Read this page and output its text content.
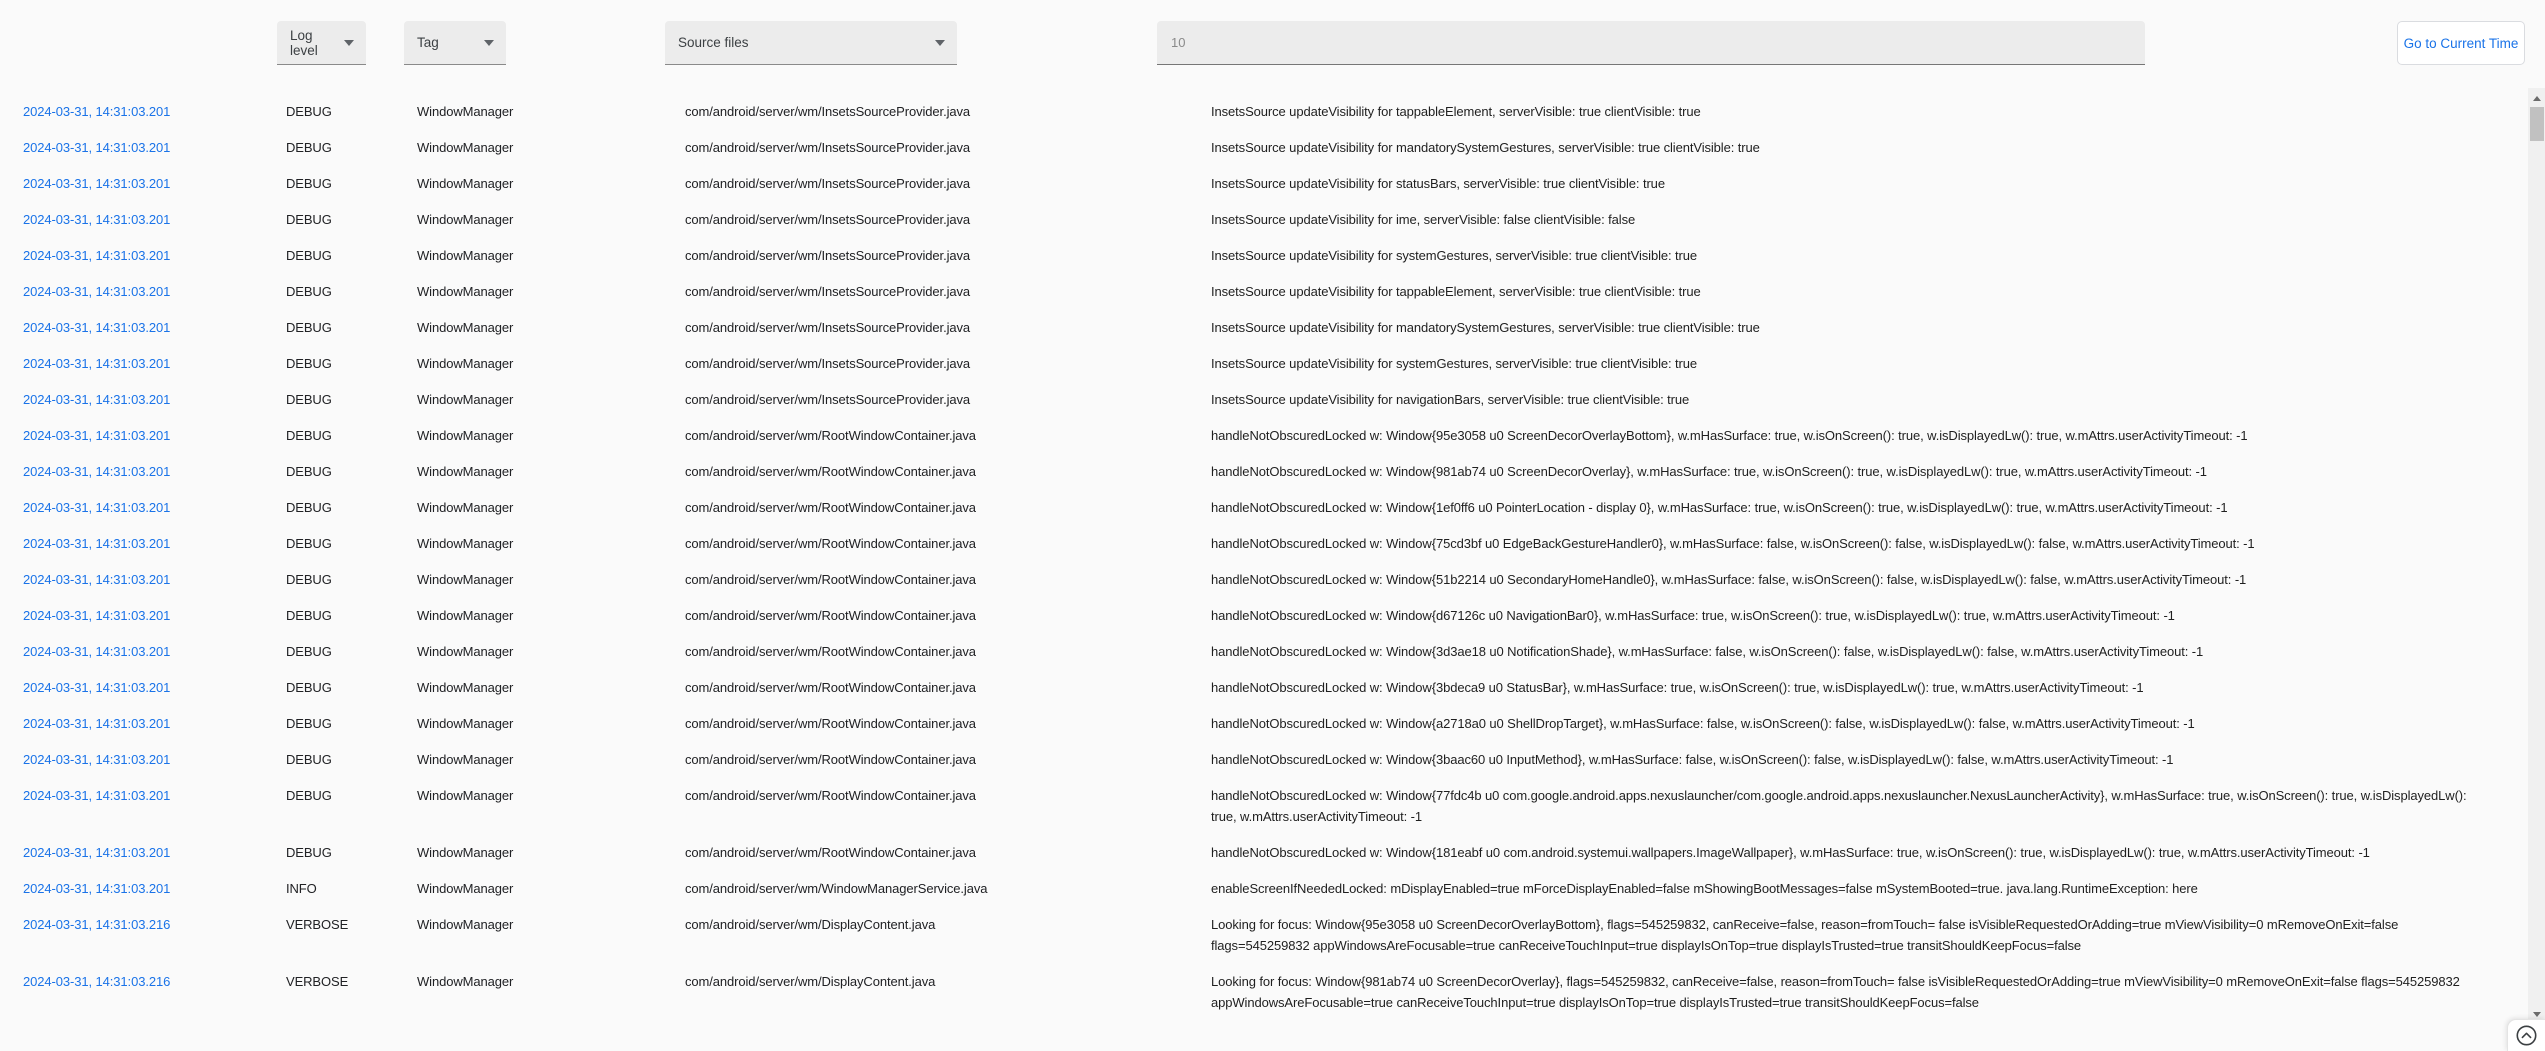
Log level	Tag	Source files
10	Go to Current Time
2024-03-31, 14:31:03.201	DEBUG	WindowManager	com/android/server/wm/InsetsSourceProvider.java	InsetsSource updateVisibility for tappableElement, serverVisible: true clientVisible: true
2024-03-31, 14:31:03.201	DEBUG	WindowManager	com/android/server/wm/InsetsSourceProvider.java	InsetsSource updateVisibility for mandatorySystemGestures, serverVisible: true clientVisible: true
2024-03-31, 14:31:03.201	DEBUG	WindowManager	com/android/server/wm/InsetsSourceProvider.java	InsetsSource updateVisibility for statusBars, serverVisible: true clientVisible: true
2024-03-31, 14:31:03.201	DEBUG	WindowManager	com/android/server/wm/InsetsSourceProvider.java	InsetsSource updateVisibility for ime, serverVisible: false clientVisible: false
2024-03-31, 14:31:03.201	DEBUG	WindowManager	com/android/server/wm/InsetsSourceProvider.java	InsetsSource updateVisibility for systemGestures, serverVisible: true clientVisible: true
2024-03-31, 14:31:03.201	DEBUG	WindowManager	com/android/server/wm/InsetsSourceProvider.java	InsetsSource updateVisibility for tappableElement, serverVisible: true clientVisible: true
2024-03-31, 14:31:03.201	DEBUG	WindowManager	com/android/server/wm/InsetsSourceProvider.java	InsetsSource updateVisibility for mandatorySystemGestures, serverVisible: true clientVisible: true
2024-03-31, 14:31:03.201	DEBUG	WindowManager	com/android/server/wm/InsetsSourceProvider.java	InsetsSource updateVisibility for systemGestures, serverVisible: true clientVisible: true
2024-03-31, 14:31:03.201	DEBUG	WindowManager	com/android/server/wm/InsetsSourceProvider.java	InsetsSource updateVisibility for navigationBars, serverVisible: true clientVisible: true
2024-03-31, 14:31:03.201	DEBUG	WindowManager	com/android/server/wm/RootWindowContainer.java	handleNotObscuredLocked w: Window{95e3058 u0 ScreenDecorOverlayBottom}, w.mHasSurface: true, w.isOnScreen(): true, w.isDisplayedLw(): true, w.mAttrs.userActivityTimeout: -1
2024-03-31, 14:31:03.201	DEBUG	WindowManager	com/android/server/wm/RootWindowContainer.java	handleNotObscuredLocked w: Window{981ab74 u0 ScreenDecorOverlay}, w.mHasSurface: true, w.isOnScreen(): true, w.isDisplayedLw(): true, w.mAttrs.userActivityTimeout: -1
2024-03-31, 14:31:03.201	DEBUG	WindowManager	com/android/server/wm/RootWindowContainer.java	handleNotObscuredLocked w: Window{1ef0ff6 u0 PointerLocation - display 0}, w.mHasSurface: true, w.isOnScreen(): true, w.isDisplayedLw(): true, w.mAttrs.userActivityTimeout: -1
2024-03-31, 14:31:03.201	DEBUG	WindowManager	com/android/server/wm/RootWindowContainer.java	handleNotObscuredLocked w: Window{75cd3bf u0 EdgeBackGestureHandler0}, w.mHasSurface: false, w.isOnScreen(): false, w.isDisplayedLw(): false, w.mAttrs.userActivityTimeout: -1
2024-03-31, 14:31:03.201	DEBUG	WindowManager	com/android/server/wm/RootWindowContainer.java	handleNotObscuredLocked w: Window{51b2214 u0 SecondaryHomeHandle0}, w.mHasSurface: false, w.isOnScreen(): false, w.isDisplayedLw(): false, w.mAttrs.userActivityTimeout: -1
2024-03-31, 14:31:03.201	DEBUG	WindowManager	com/android/server/wm/RootWindowContainer.java	handleNotObscuredLocked w: Window{d67126c u0 NavigationBar0}, w.mHasSurface: true, w.isOnScreen(): true, w.isDisplayedLw(): true, w.mAttrs.userActivityTimeout: -1
2024-03-31, 14:31:03.201	DEBUG	WindowManager	com/android/server/wm/RootWindowContainer.java	handleNotObscuredLocked w: Window{3d3ae18 u0 NotificationShade}, w.mHasSurface: false, w.isOnScreen(): false, w.isDisplayedLw(): false, w.mAttrs.userActivityTimeout: -1
2024-03-31, 14:31:03.201	DEBUG	WindowManager	com/android/server/wm/RootWindowContainer.java	handleNotObscuredLocked w: Window{3bdeca9 u0 StatusBar}, w.mHasSurface: true, w.isOnScreen(): true, w.isDisplayedLw(): true, w.mAttrs.userActivityTimeout: -1
2024-03-31, 14:31:03.201	DEBUG	WindowManager	com/android/server/wm/RootWindowContainer.java	handleNotObscuredLocked w: Window{a2718a0 u0 ShellDropTarget}, w.mHasSurface: false, w.isOnScreen(): false, w.isDisplayedLw(): false, w.mAttrs.userActivityTimeout: -1
2024-03-31, 14:31:03.201	DEBUG	WindowManager	com/android/server/wm/RootWindowContainer.java	handleNotObscuredLocked w: Window{3baac60 u0 InputMethod}, w.mHasSurface: false, w.isOnScreen(): false, w.isDisplayedLw(): false, w.mAttrs.userActivityTimeout: -1
2024-03-31, 14:31:03.201	DEBUG	WindowManager	com/android/server/wm/RootWindowContainer.java	handleNotObscuredLocked w: Window{77fdc4b u0 com.google.android.apps.nexuslauncher/com.google.android.apps.nexuslauncher.NexusLauncherActivity}, w.mHasSurface: true, w.isOnScreen(): true, w.isDisplayedLw(): true, w.mAttrs.userActivityTimeout: -1
2024-03-31, 14:31:03.201	DEBUG	WindowManager	com/android/server/wm/RootWindowContainer.java	handleNotObscuredLocked w: Window{181eabf u0 com.android.systemui.wallpapers.ImageWallpaper}, w.mHasSurface: true, w.isOnScreen(): true, w.isDisplayedLw(): true, w.mAttrs.userActivityTimeout: -1
2024-03-31, 14:31:03.201	INFO	WindowManager	com/android/server/wm/WindowManagerService.java	enableScreenIfNeededLocked: mDisplayEnabled=true mForceDisplayEnabled=false mShowingBootMessages=false mSystemBooted=true. java.lang.RuntimeException: here
2024-03-31, 14:31:03.216	VERBOSE	WindowManager	com/android/server/wm/DisplayContent.java	Looking for focus: Window{95e3058 u0 ScreenDecorOverlayBottom}, flags=545259832, canReceive=false, reason=fromTouch= false isVisibleRequestedOrAdding=true mViewVisibility=0 mRemoveOnExit=false flags=545259832 appWindowsAreFocusable=true canReceiveTouchInput=true displayIsOnTop=true displayIsTrusted=true transitShouldKeepFocus=false
2024-03-31, 14:31:03.216	VERBOSE	WindowManager	com/android/server/wm/DisplayContent.java	Looking for focus: Window{981ab74 u0 ScreenDecorOverlay}, flags=545259832, canReceive=false, reason=fromTouch= false isVisibleRequestedOrAdding=true mViewVisibility=0 mRemoveOnExit=false flags=545259832 appWindowsAreFocusable=true canReceiveTouchInput=true displayIsOnTop=true displayIsTrusted=true transitShouldKeepFocus=false
